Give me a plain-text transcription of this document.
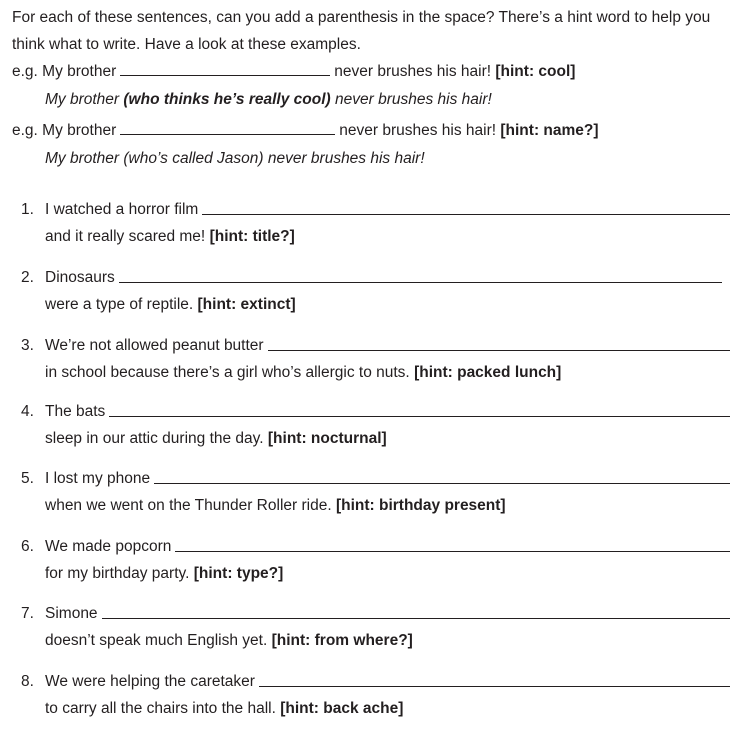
For each of these sentences, can you add a parenthesis in the space? There’s a hint word to help you think what to write. Have a look at these examples.
e.g. My brother	never brushes his hair! [hint: cool]
My brother (who thinks he’s really cool) never brushes his hair!
e.g. My brother	never brushes his hair! [hint: name?]
My brother (who’s called Jason) never brushes his hair!
1. I watched a horror film
and it really scared me! [hint: title?]
2. Dinosaurs
were a type of reptile. [hint: extinct]
3. We’re not allowed peanut butter
in school because there’s a girl who’s allergic to nuts. [hint: packed lunch]
4. The bats
sleep in our attic during the day. [hint: nocturnal]
5. I lost my phone
when we went on the Thunder Roller ride. [hint: birthday present]
6. We made popcorn
for my birthday party. [hint: type?]
7. Simone
doesn’t speak much English yet. [hint: from where?]
8. We were helping the caretaker
to carry all the chairs into the hall. [hint: back ache]
